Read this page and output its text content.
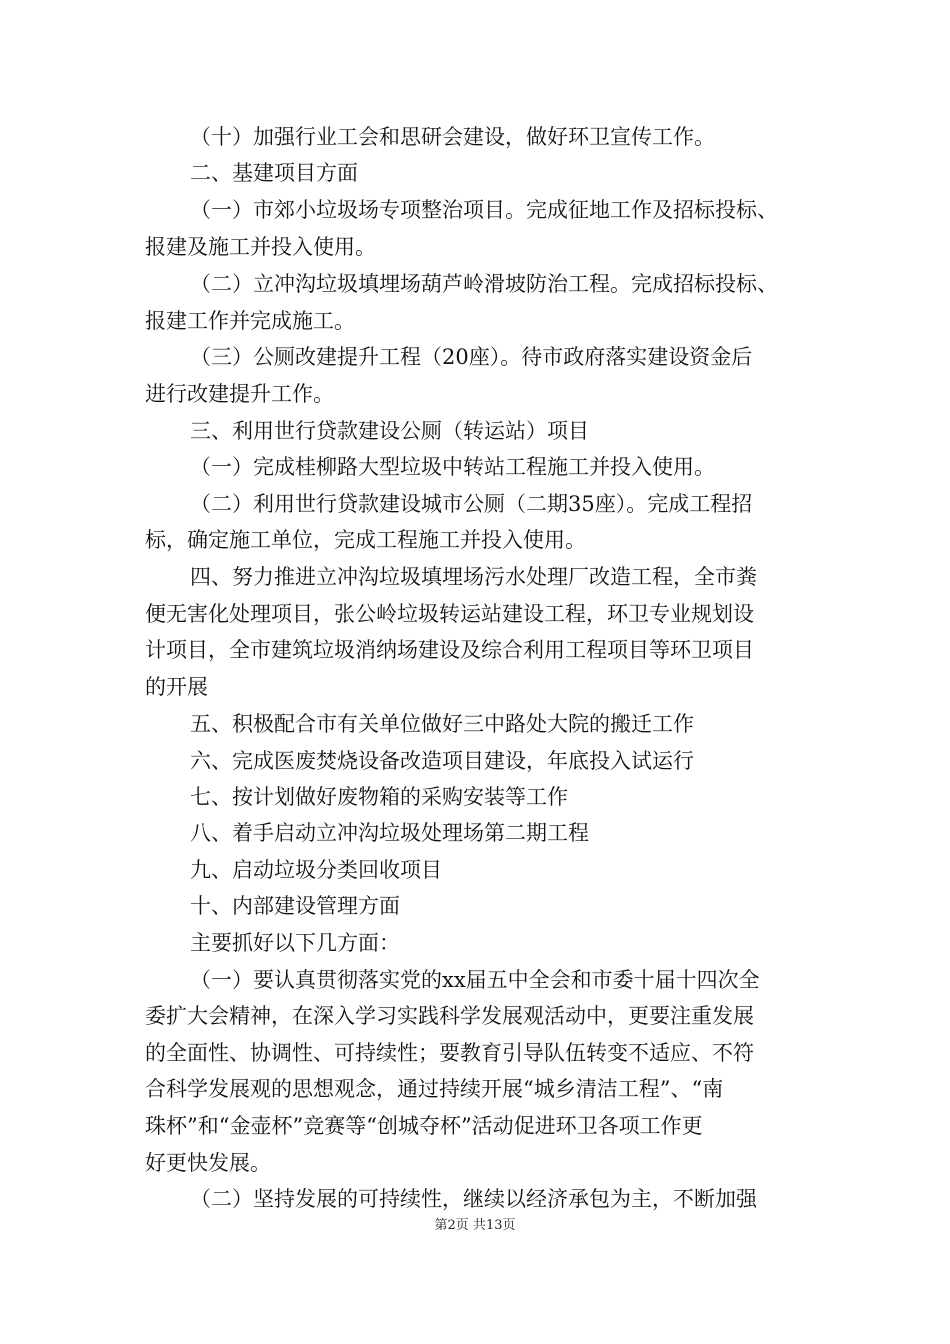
（十）加强行业工会和思研会建设，做好环卫宣传工作。
二、基建项目方面
（一）市郊小垃圾场专项整治项目。完成征地工作及招标投标、
报建及施工并投入使用。
（二）立冲沟垃圾填埋场葫芦岭滑坡防治工程。完成招标投标、
报建工作并完成施工。
（三）公厕改建提升工程（20座）。待市政府落实建设资金后
进行改建提升工作。
三、利用世行贷款建设公厕（转运站）项目
（一）完成桂柳路大型垃圾中转站工程施工并投入使用。
（二）利用世行贷款建设城市公厕（二期35座）。完成工程招
标，确定施工单位，完成工程施工并投入使用。
四、努力推进立冲沟垃圾填埋场污水处理厂改造工程，全市粪
便无害化处理项目，张公岭垃圾转运站建设工程，环卫专业规划设
计项目，全市建筑垃圾消纳场建设及综合利用工程项目等环卫项目
的开展
五、积极配合市有关单位做好三中路处大院的搬迁工作
六、完成医废焚烧设备改造项目建设，年底投入试运行
七、按计划做好废物箱的采购安装等工作
八、着手启动立冲沟垃圾处理场第二期工程
九、启动垃圾分类回收项目
十、内部建设管理方面
主要抓好以下几方面：
（一）要认真贯彻落实党的xx届五中全会和市委十届十四次全
委扩大会精神，在深入学习实践科学发展观活动中，更要注重发展
的全面性、协调性、可持续性；要教育引导队伍转变不适应、不符
合科学发展观的思想观念，通过持续开展“城乡清洁工程”、“南
珠杯”和“金壶杯”竞赛等“创城夺杯”活动促进环卫各项工作更
好更快发展。
（二）坚持发展的可持续性，继续以经济承包为主，不断加强
第2页 共13页
